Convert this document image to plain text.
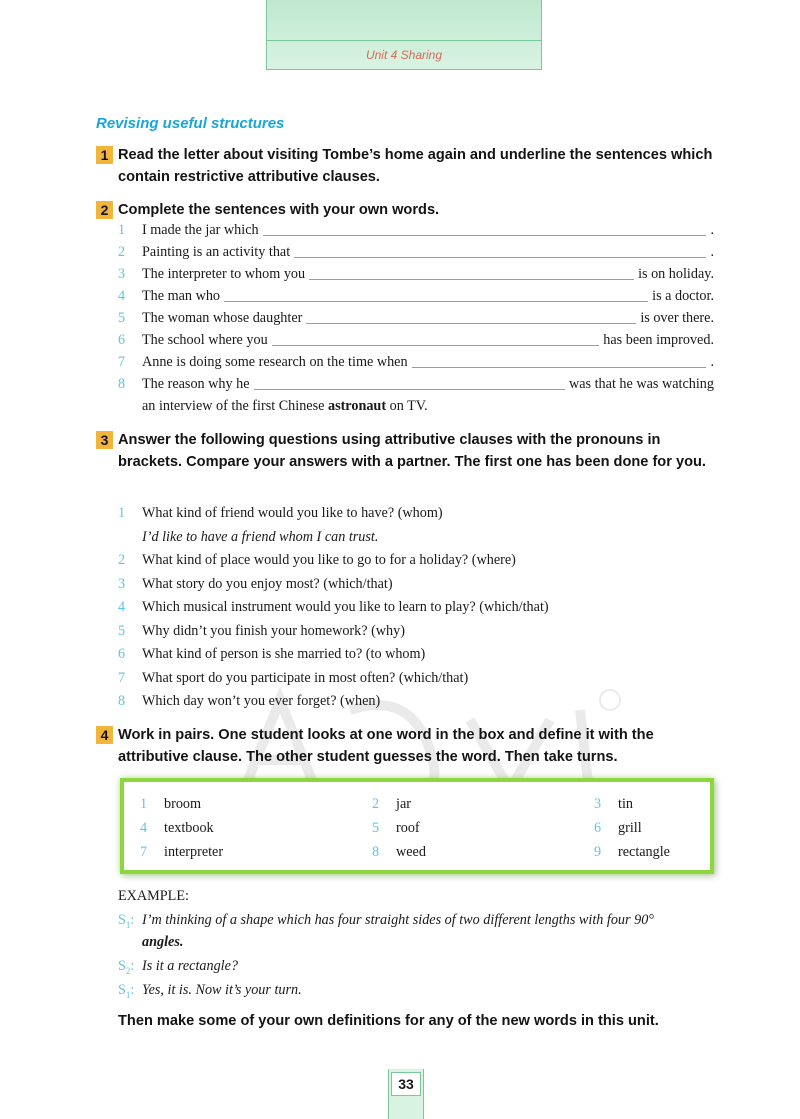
Unit 4 Sharing
Revising useful structures
1 Read the letter about visiting Tombe’s home again and underline the sentences which contain restrictive attributive clauses.
2 Complete the sentences with your own words.
1	I made the jar which	.
2	Painting is an activity that	.
3	The interpreter to whom you	is on holiday.
4	The man who	is a doctor.
5	The woman whose daughter	is over there.
6	The school where you	has been improved.
7	Anne is doing some research on the time when	.
8	The reason why he	was that he was watching
an interview of the first Chinese astronaut on TV.
3 Answer the following questions using attributive clauses with the pronouns in brackets. Compare your answers with a partner. The first one has been done for you.
1	What kind of friend would you like to have? (whom)
I’d like to have a friend whom I can trust.
2	What kind of place would you like to go to for a holiday? (where)
3	What story do you enjoy most? (which/that)
4	Which musical instrument would you like to learn to play? (which/that)
5	Why didn’t you finish your homework? (why)
6	What kind of person is she married to? (to whom)
7	What sport do you participate in most often? (which/that)
8	Which day won’t you ever forget? (when)
4 Work in pairs. One student looks at one word in the box and define it with the attributive clause. The other student guesses the word. Then take turns.
1 broom	2 jar	3 tin
4 textbook	5 roof	6 grill
7 interpreter	8 weed	9 rectangle
EXAMPLE:
$S_1$: I’m thinking of a shape which has four straight sides of two different lengths with four 90°
angles.
$S_2$: Is it a rectangle?
$S_1$: Yes, it is. Now it’s your turn.
Then make some of your own definitions for any of the new words in this unit.
33
